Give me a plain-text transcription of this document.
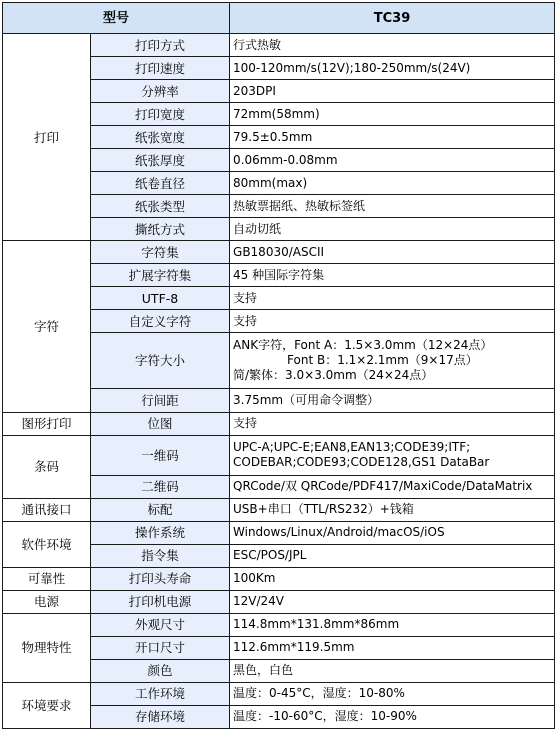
型号		TC39
打印	打印方式	行式热敏
	打印速度	100-120mm/s(12V);180-250mm/s(24V)
	分辨率	203DPI
	打印宽度	72mm(58mm)
	纸张宽度	79.5±0.5mm
	纸张厚度	0.06mm-0.08mm
	纸卷直径	80mm(max)
	纸张类型	热敏票据纸、热敏标签纸
	撕纸方式	自动切纸
字符	字符集	GB18030/ASCII
	扩展字符集	45 种国际字符集
	UTF-8	支持
	自定义字符	支持
	字符大小	ANK字符，Font A：1.5×3.0mm（12×24点）
Font B：1.1×2.1mm（9×17点）
简/繁体：3.0×3.0mm（24×24点）

	行间距	3.75mm（可用命令调整）
图形打印	位图	支持
条码	一维码	UPC-A;UPC-E;EAN8,EAN13;CODE39;ITF;
CODEBAR;CODE93;CODE128,GS1 DataBar

	二维码	QRCode/双 QRCode/PDF417/MaxiCode/DataMatrix
通讯接口	标配	USB+串口（TTL/RS232）+钱箱
软件环境	操作系统	Windows/Linux/Android/macOS/iOS
	指令集	ESC/POS/JPL
可靠性	打印头寿命	100Km
电源	打印机电源	12V/24V
物理特性	外观尺寸	114.8mm*131.8mm*86mm
	开口尺寸	112.6mm*119.5mm
	颜色	黑色，白色
环境要求	工作环境	温度：0-45°C，湿度：10-80%
	存储环境	温度：-10-60°C，湿度：10-90%
